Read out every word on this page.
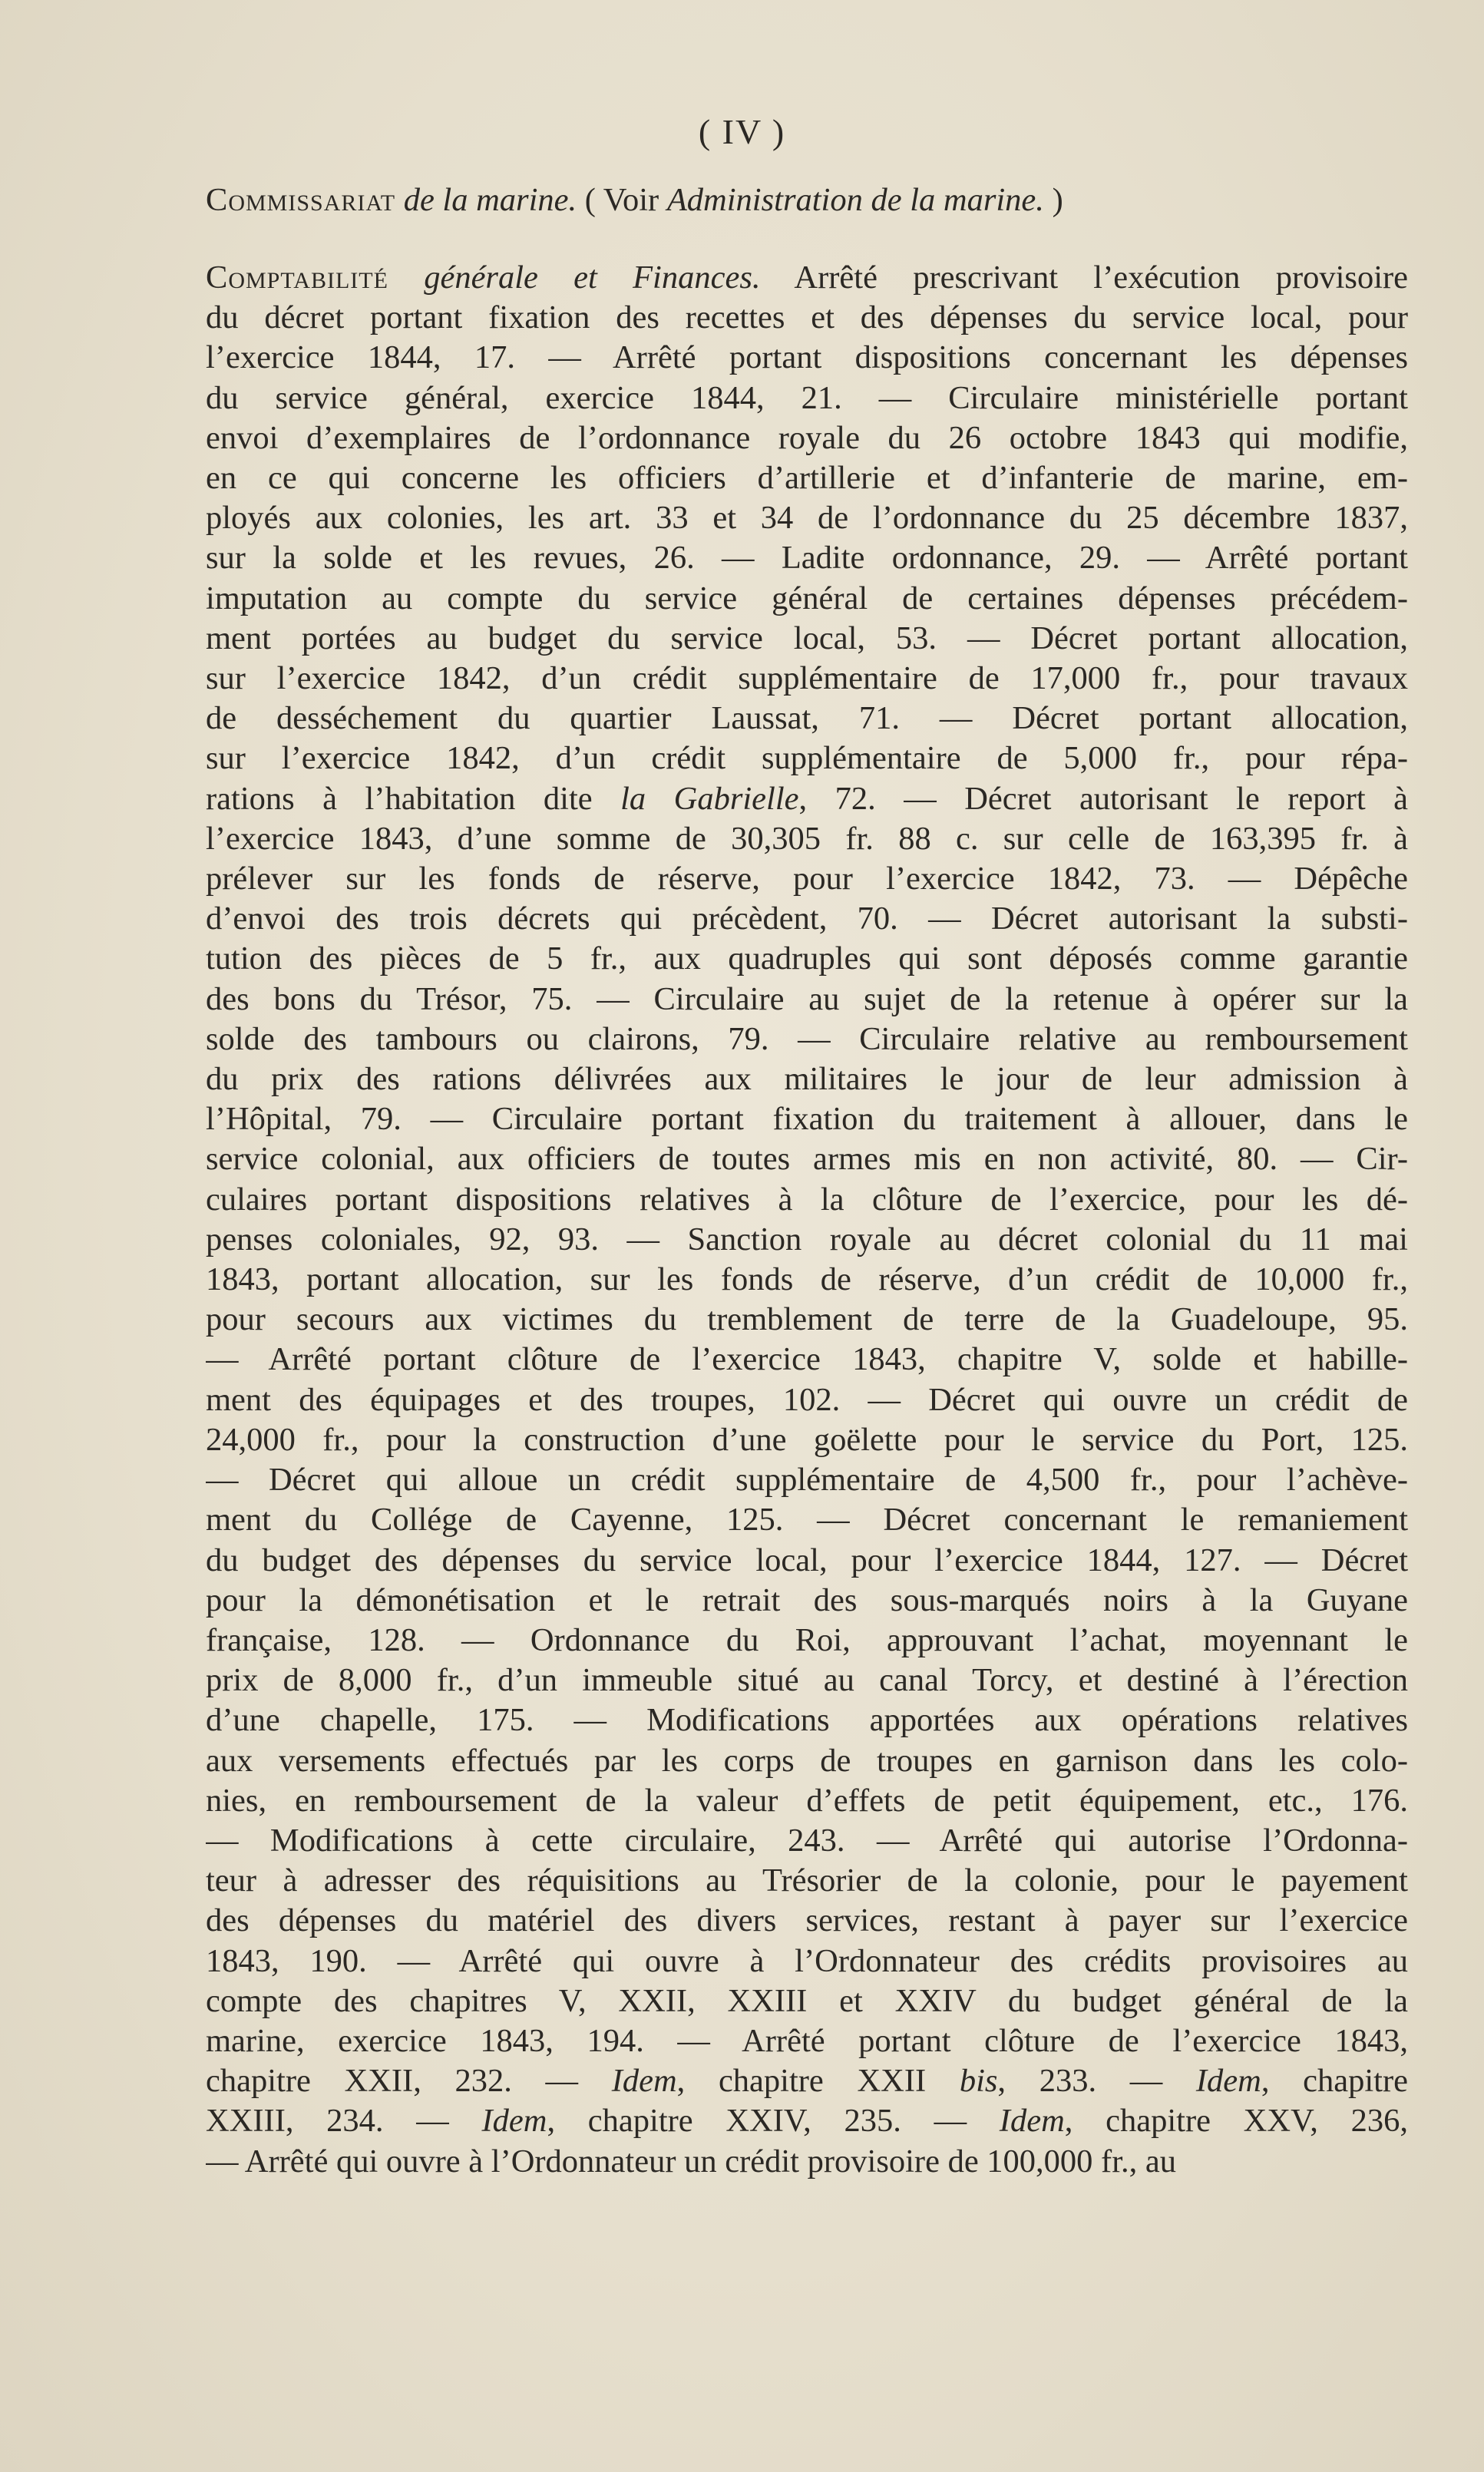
( IV )
Commissariat de la marine. ( Voir Administration de la marine. )
Comptabilité générale et Finances. Arrêté prescrivant l’exécution provisoire
du décret portant fixation des recettes et des dépenses du service local, pour
l’exercice 1844, 17. — Arrêté portant dispositions concernant les dépenses
du service général, exercice 1844, 21. — Circulaire ministérielle portant
envoi d’exemplaires de l’ordonnance royale du 26 octobre 1843 qui modifie,
en ce qui concerne les officiers d’artillerie et d’infanterie de marine, em-
ployés aux colonies, les art. 33 et 34 de l’ordonnance du 25 décembre 1837,
sur la solde et les revues, 26. — Ladite ordonnance, 29. — Arrêté portant
imputation au compte du service général de certaines dépenses précédem-
ment portées au budget du service local, 53. — Décret portant allocation,
sur l’exercice 1842, d’un crédit supplémentaire de 17,000 fr., pour travaux
de desséchement du quartier Laussat, 71. — Décret portant allocation,
sur l’exercice 1842, d’un crédit supplémentaire de 5,000 fr., pour répa-
rations à l’habitation dite la Gabrielle, 72. — Décret autorisant le report à
l’exercice 1843, d’une somme de 30,305 fr. 88 c. sur celle de 163,395 fr. à
prélever sur les fonds de réserve, pour l’exercice 1842, 73. — Dépêche
d’envoi des trois décrets qui précèdent, 70. — Décret autorisant la substi-
tution des pièces de 5 fr., aux quadruples qui sont déposés comme garantie
des bons du Trésor, 75. — Circulaire au sujet de la retenue à opérer sur la
solde des tambours ou clairons, 79. — Circulaire relative au remboursement
du prix des rations délivrées aux militaires le jour de leur admission à
l’Hôpital, 79. — Circulaire portant fixation du traitement à allouer, dans le
service colonial, aux officiers de toutes armes mis en non activité, 80. — Cir-
culaires portant dispositions relatives à la clôture de l’exercice, pour les dé-
penses coloniales, 92, 93. — Sanction royale au décret colonial du 11 mai
1843, portant allocation, sur les fonds de réserve, d’un crédit de 10,000 fr.,
pour secours aux victimes du tremblement de terre de la Guadeloupe, 95.
— Arrêté portant clôture de l’exercice 1843, chapitre V, solde et habille-
ment des équipages et des troupes, 102. — Décret qui ouvre un crédit de
24,000 fr., pour la construction d’une goëlette pour le service du Port, 125.
— Décret qui alloue un crédit supplémentaire de 4,500 fr., pour l’achève-
ment du Collége de Cayenne, 125. — Décret concernant le remaniement
du budget des dépenses du service local, pour l’exercice 1844, 127. — Décret
pour la démonétisation et le retrait des sous-marqués noirs à la Guyane
française, 128. — Ordonnance du Roi, approuvant l’achat, moyennant le
prix de 8,000 fr., d’un immeuble situé au canal Torcy, et destiné à l’érection
d’une chapelle, 175. — Modifications apportées aux opérations relatives
aux versements effectués par les corps de troupes en garnison dans les colo-
nies, en remboursement de la valeur d’effets de petit équipement, etc., 176.
— Modifications à cette circulaire, 243. — Arrêté qui autorise l’Ordonna-
teur à adresser des réquisitions au Trésorier de la colonie, pour le payement
des dépenses du matériel des divers services, restant à payer sur l’exercice
1843, 190. — Arrêté qui ouvre à l’Ordonnateur des crédits provisoires au
compte des chapitres V, XXII, XXIII et XXIV du budget général de la
marine, exercice 1843, 194. — Arrêté portant clôture de l’exercice 1843,
chapitre XXII, 232. — Idem, chapitre XXII bis, 233. — Idem, chapitre
XXIII, 234. — Idem, chapitre XXIV, 235. — Idem, chapitre XXV, 236,
— Arrêté qui ouvre à l’Ordonnateur un crédit provisoire de 100,000 fr., au
